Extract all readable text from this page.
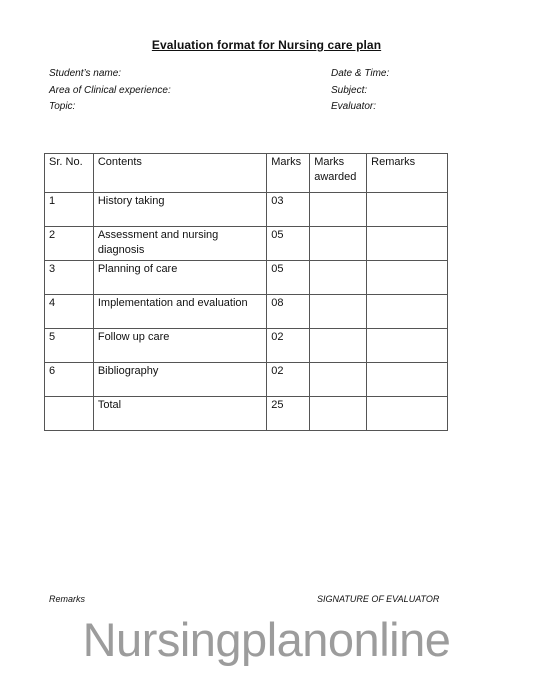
Evaluation format for Nursing care plan
Student’s name:
Area of Clinical experience:
Topic:
Date & Time:
Subject:
Evaluator:
Sr. No.	Contents	Marks	Marks awarded	Remarks
1	History taking	03		
2	Assessment and nursing diagnosis	05		
3	Planning of care	05		
4	Implementation and evaluation	08		
5	Follow up care	02		
6	Bibliography	02		
	Total	25		
Remarks	SIGNATURE OF EVALUATOR
Nursingplanonline
